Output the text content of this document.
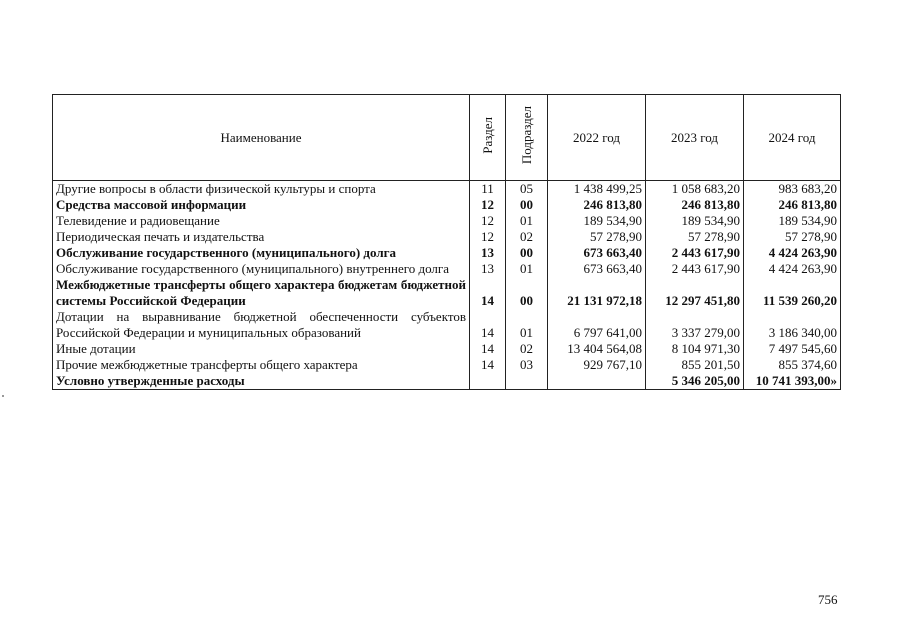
Наименование	Раздел	Подраздел	2022 год	2023 год	2024 год
Другие вопросы в области физической культуры и спорта	11	05	1 438 499,25	1 058 683,20	983 683,20
Средства массовой информации	12	00	246 813,80	246 813,80	246 813,80
Телевидение и радиовещание	12	01	189 534,90	189 534,90	189 534,90
Периодическая печать и издательства	12	02	57 278,90	57 278,90	57 278,90
Обслуживание государственного (муниципального) долга	13	00	673 663,40	2 443 617,90	4 424 263,90
Обслуживание государственного (муниципального) внутреннего долга	13	01	673 663,40	2 443 617,90	4 424 263,90
Межбюджетные трансферты общего характера бюджетам бюджетной системы Российской Федерации	14	00	21 131 972,18	12 297 451,80	11 539 260,20
Дотации на выравнивание бюджетной обеспеченности субъектов Российской Федерации и муниципальных образований	14	01	6 797 641,00	3 337 279,00	3 186 340,00
Иные дотации	14	02	13 404 564,08	8 104 971,30	7 497 545,60
Прочие межбюджетные трансферты общего характера	14	03	929 767,10	855 201,50	855 374,60
Условно утвержденные расходы				5 346 205,00	10 741 393,00»
756
